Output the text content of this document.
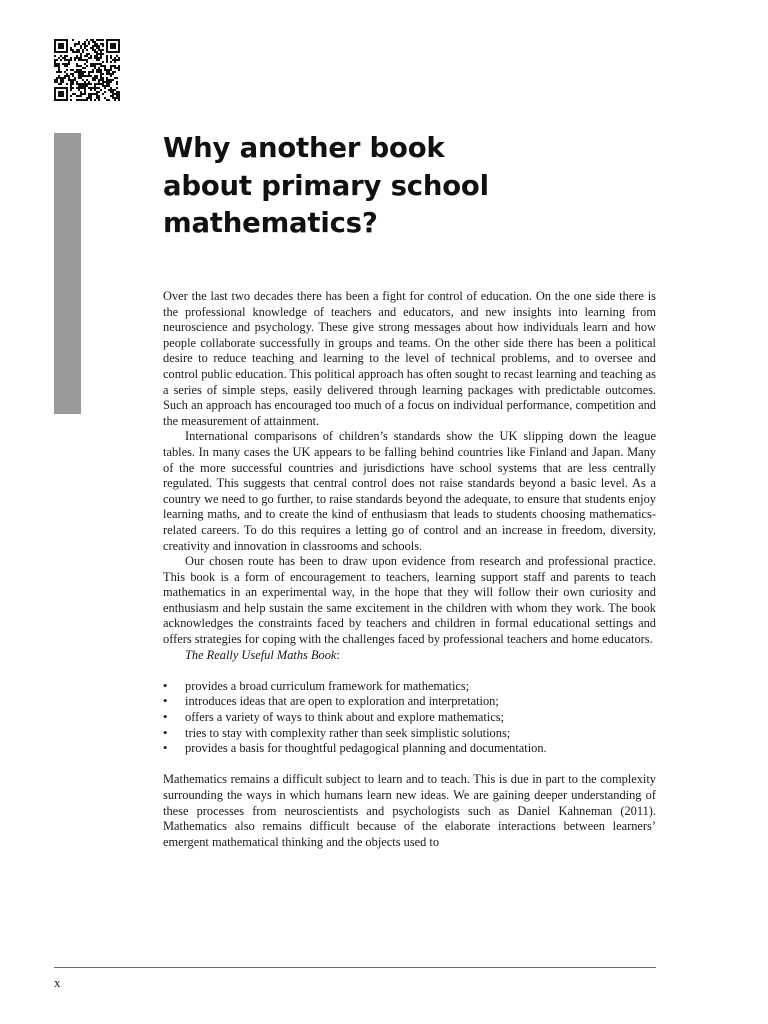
Why another book
about primary school
mathematics?

Over the last two decades there has been a fight for control of education. On the one side there is the professional knowledge of teachers and educators, and new insights into learning from neuroscience and psychology. These give strong messages about how individuals learn and how people collaborate successfully in groups and teams. On the other side there has been a political desire to reduce teaching and learning to the level of technical problems, and to oversee and control public education. This political approach has often sought to recast learning and teaching as a series of simple steps, easily delivered through learning packages with predictable outcomes. Such an approach has encouraged too much of a focus on individual performance, competition and the measurement of attainment.

International comparisons of children’s standards show the UK slipping down the league tables. In many cases the UK appears to be falling behind countries like Finland and Japan. Many of the more successful countries and jurisdictions have school systems that are less centrally regulated. This suggests that central control does not raise standards beyond a basic level. As a country we need to go further, to raise standards beyond the adequate, to ensure that students enjoy learning maths, and to create the kind of enthusiasm that leads to students choosing mathematics-related careers. To do this requires a letting go of control and an increase in freedom, diversity, creativity and innovation in classrooms and schools.

Our chosen route has been to draw upon evidence from research and professional practice. This book is a form of encouragement to teachers, learning support staff and parents to teach mathematics in an experimental way, in the hope that they will follow their own curiosity and enthusiasm and help sustain the same excitement in the children with whom they work. The book acknowledges the constraints faced by teachers and children in formal educational settings and offers strategies for coping with the challenges faced by professional teachers and home educators.

The Really Useful Maths Book:

• provides a broad curriculum framework for mathematics;
• introduces ideas that are open to exploration and interpretation;
• offers a variety of ways to think about and explore mathematics;
• tries to stay with complexity rather than seek simplistic solutions;
• provides a basis for thoughtful pedagogical planning and documentation.

Mathematics remains a difficult subject to learn and to teach. This is due in part to the complexity surrounding the ways in which humans learn new ideas. We are gaining deeper understanding of these processes from neuroscientists and psychologists such as Daniel Kahneman (2011). Mathematics also remains difficult because of the elaborate interactions between learners’ emergent mathematical thinking and the objects used to

x
